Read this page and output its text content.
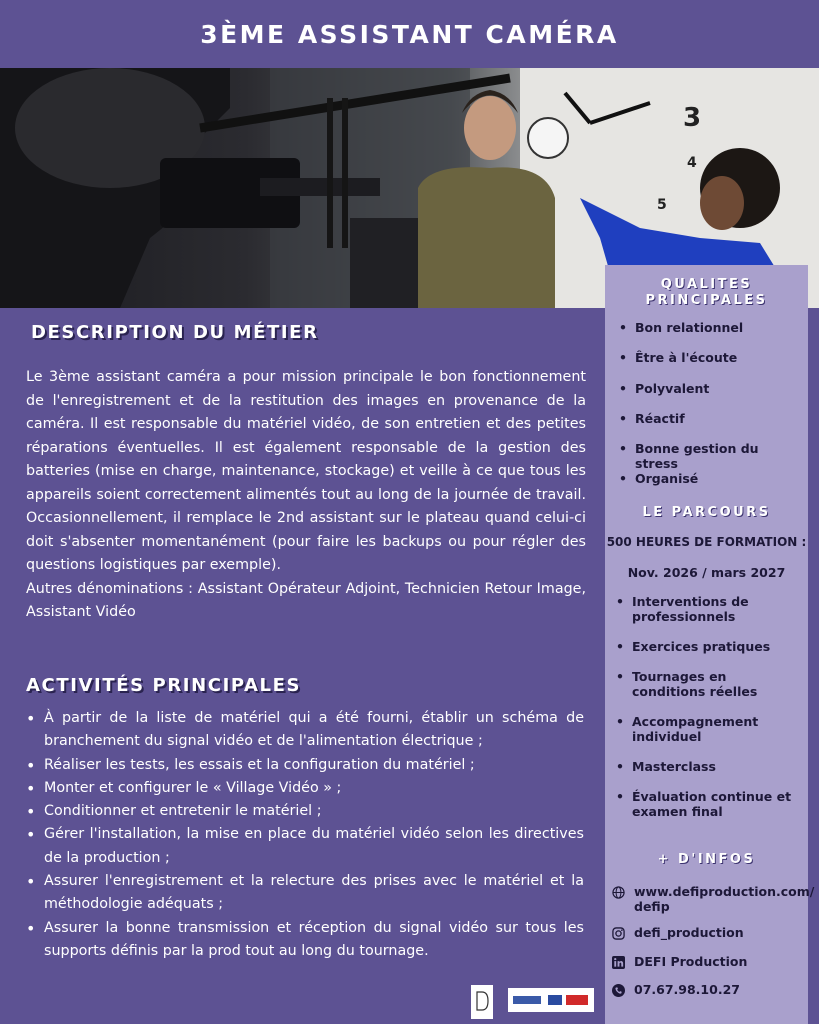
3ÈME ASSISTANT CAMÉRA
3
4
5
DESCRIPTION DU MÉTIER

Le 3ème assistant caméra a pour mission principale le bon fonctionnement de l'enregistrement et de la restitution des images en provenance de la caméra. Il est responsable du matériel vidéo, de son entretien et des petites réparations éventuelles. Il est également responsable de la gestion des batteries (mise en charge, maintenance, stockage) et veille à ce que tous les appareils soient correctement alimentés tout au long de la journée de travail. Occasionnellement, il remplace le 2nd assistant sur le plateau quand celui-ci doit s'absenter momentanément (pour faire les backups ou pour régler des questions logistiques par exemple).

Autres dénominations : Assistant Opérateur Adjoint, Technicien Retour Image, Assistant Vidéo

ACTIVITÉS PRINCIPALES
• À partir de la liste de matériel qui a été fourni, établir un schéma de branchement du signal vidéo et de l'alimentation électrique ;
• Réaliser les tests, les essais et la configuration du matériel ;
• Monter et configurer le « Village Vidéo » ;
• Conditionner et entretenir le matériel ;
• Gérer l'installation, la mise en place du matériel vidéo selon les directives de la production ;
• Assurer l'enregistrement et la relecture des prises avec le matériel et la méthodologie adéquats ;
• Assurer la bonne transmission et réception du signal vidéo sur tous les supports définis par la prod tout au long du tournage.

QUALITES

PRINCIPALES

• Bon relationnel
• Être à l'écoute
• Polyvalent
• Réactif
• Bonne gestion du stress
• Organisé

LE PARCOURS

500 HEURES DE FORMATION :

Nov. 2026 / mars 2027

• Interventions de professionnels
• Exercices pratiques
• Tournages en conditions réelles
• Accompagnement individuel
• Masterclass
• Évaluation continue et examen final

+ D'INFOS

www.defiproduction.com/ defip
defi_production
DEFI Production
07.67.98.10.27
